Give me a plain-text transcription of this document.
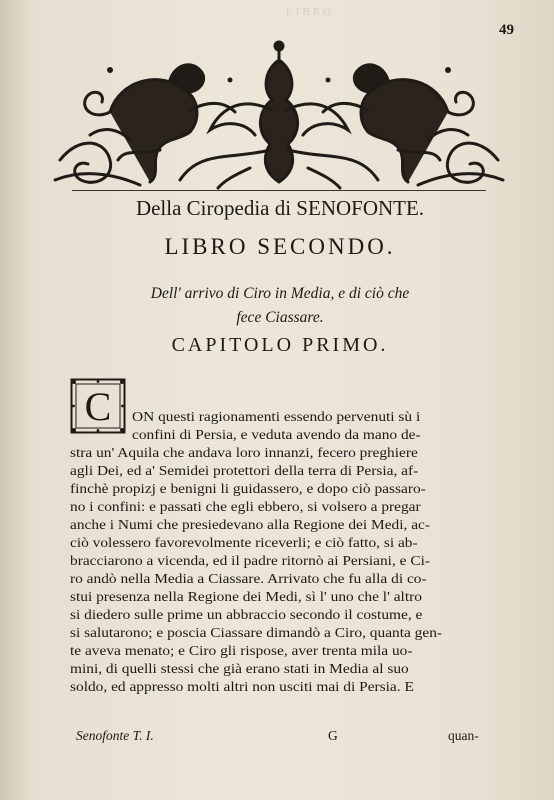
LIBRO
49
Della Ciropedia di SENOFONTE.
LIBRO SECONDO.
Dell' arrivo di Ciro in Media, e di ciò che
fece Ciassare.
CAPITOLO PRIMO.
C ON questi ragionamenti essendo pervenuti sù i
confini di Persia, e veduta avendo da mano de-
stra un' Aquila che andava loro innanzi, fecero preghiere
agli Dei, ed a' Semidei protettori della terra di Persia, af-
finchè propizj e benigni li guidassero, e dopo ciò passaro-
no i confini: e passati che egli ebbero, si volsero a pregar
anche i Numi che presiedevano alla Regione dei Medi, ac-
ciò volessero favorevolmente riceverli; e ciò fatto, si ab-
bracciarono a vicenda, ed il padre ritornò ai Persiani, e Ci-
ro andò nella Media a Ciassare. Arrivato che fu alla di co-
stui presenza nella Regione dei Medi, sì l' uno che l' altro
si diedero sulle prime un abbraccio secondo il costume, e
si salutarono; e poscia Ciassare dimandò a Ciro, quanta gen-
te aveva menato; e Ciro gli rispose, aver trenta mila uo-
mini, di quelli stessi che già erano stati in Media al suo
soldo, ed appresso molti altri non usciti mai di Persia. E
Senofonte T. I.	G	quan-
